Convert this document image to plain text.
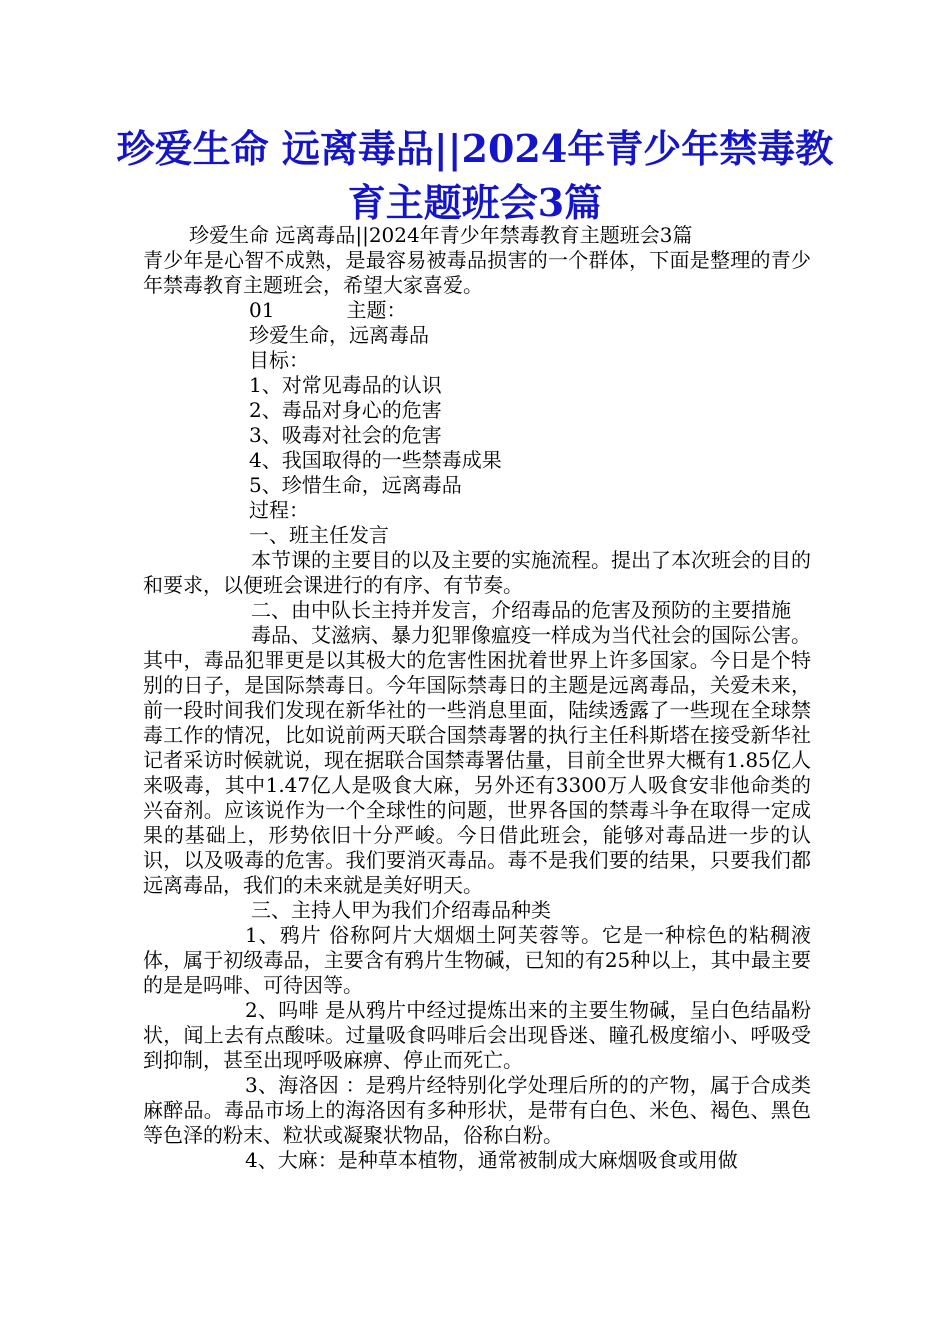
珍爱生命 远离毒品||2024年青少年禁毒教育主题班会3篇

珍爱生命 远离毒品||2024年青少年禁毒教育主题班会3篇

青少年是心智不成熟，是最容易被毒品损害的一个群体，下面是整理的青少年禁毒教育主题班会，希望大家喜爱。

01	主题：

珍爱生命，远离毒品

目标：

1、对常见毒品的认识

2、毒品对身心的危害

3、吸毒对社会的危害

4、我国取得的一些禁毒成果

5、珍惜生命，远离毒品

过程：

一、班主任发言

本节课的主要目的以及主要的实施流程。提出了本次班会的目的和要求，以便班会课进行的有序、有节奏。

二、由中队长主持并发言，介绍毒品的危害及预防的主要措施

毒品、艾滋病、暴力犯罪像瘟疫一样成为当代社会的国际公害。其中，毒品犯罪更是以其极大的危害性困扰着世界上许多国家。今日是个特别的日子，是国际禁毒日。今年国际禁毒日的主题是远离毒品，关爱未来，前一段时间我们发现在新华社的一些消息里面，陆续透露了一些现在全球禁毒工作的情况，比如说前两天联合国禁毒署的执行主任科斯塔在接受新华社记者采访时候就说，现在据联合国禁毒署估量，目前全世界大概有1.85亿人来吸毒，其中1.47亿人是吸食大麻，另外还有3300万人吸食安非他命类的兴奋剂。应该说作为一个全球性的问题，世界各国的禁毒斗争在取得一定成果的基础上，形势依旧十分严峻。今日借此班会，能够对毒品进一步的认识，以及吸毒的危害。我们要消灭毒品。毒不是我们要的结果，只要我们都远离毒品，我们的未来就是美好明天。

三、主持人甲为我们介绍毒品种类

1、鸦片 俗称阿片大烟烟土阿芙蓉等。它是一种棕色的粘稠液体，属于初级毒品，主要含有鸦片生物碱，已知的有25种以上，其中最主要的是是吗啡、可待因等。

2、吗啡 是从鸦片中经过提炼出来的主要生物碱，呈白色结晶粉状，闻上去有点酸味。过量吸食吗啡后会出现昏迷、瞳孔极度缩小、呼吸受到抑制，甚至出现呼吸麻痹、停止而死亡。

3、海洛因 ：是鸦片经特别化学处理后所的的产物，属于合成类麻醉品。毒品市场上的海洛因有多种形状，是带有白色、米色、褐色、黑色等色泽的粉末、粒状或凝聚状物品，俗称白粉。

4、大麻：是种草本植物，通常被制成大麻烟吸食或用做
